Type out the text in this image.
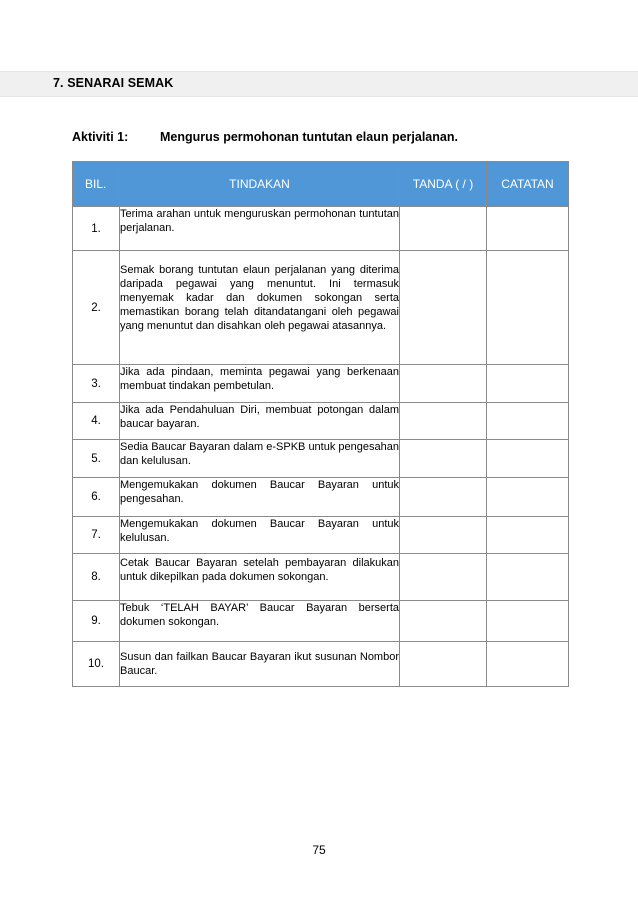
7. SENARAI SEMAK
Aktiviti 1:	Mengurus permohonan tuntutan elaun perjalanan.
BIL.	TINDAKAN	TANDA ( / )	CATATAN
1.	Terima arahan untuk menguruskan permohonan tuntutan perjalanan.		
2.	Semak borang tuntutan elaun perjalanan yang diterima daripada pegawai yang menuntut. Ini termasuk menyemak kadar dan dokumen sokongan serta memastikan borang telah ditandatangani oleh pegawai yang menuntut dan disahkan oleh pegawai atasannya.		
3.	Jika ada pindaan, meminta pegawai yang berkenaan membuat tindakan pembetulan.		
4.	Jika ada Pendahuluan Diri, membuat potongan dalam baucar bayaran.		
5.	Sedia Baucar Bayaran dalam e-SPKB untuk pengesahan dan kelulusan.		
6.	Mengemukakan dokumen Baucar Bayaran untuk pengesahan.		
7.	Mengemukakan dokumen Baucar Bayaran untuk kelulusan.		
8.	Cetak Baucar Bayaran setelah pembayaran dilakukan untuk dikepilkan pada dokumen sokongan.		
9.	Tebuk ‘TELAH BAYAR’ Baucar Bayaran berserta dokumen sokongan.		
10.	Susun dan failkan Baucar Bayaran ikut susunan Nombor Baucar.		
75
